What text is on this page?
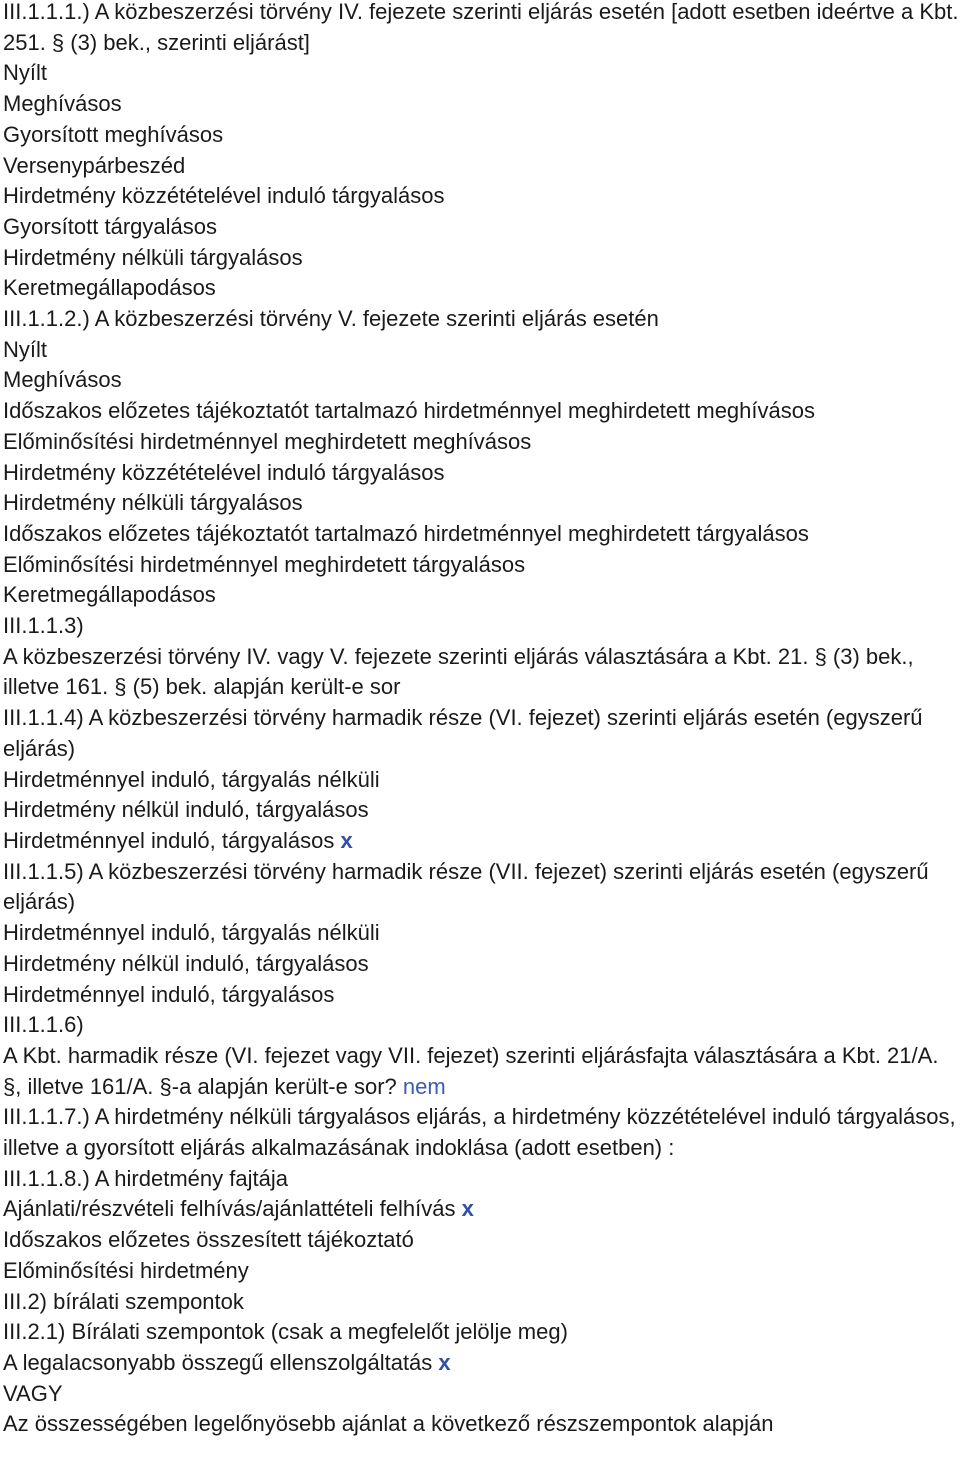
III.1.1.1.) A közbeszerzési törvény IV. fejezete szerinti eljárás esetén [adott esetben ideértve a Kbt. 251. § (3) bek., szerinti eljárást]
Nyílt
Meghívásos
Gyorsított meghívásos
Versenypárbeszéd
Hirdetmény közzétételével induló tárgyalásos
Gyorsított tárgyalásos
Hirdetmény nélküli tárgyalásos
Keretmegállapodásos
III.1.1.2.) A közbeszerzési törvény V. fejezete szerinti eljárás esetén
Nyílt
Meghívásos
Időszakos előzetes tájékoztatót tartalmazó hirdetménnyel meghirdetett meghívásos
Előminősítési hirdetménnyel meghirdetett meghívásos
Hirdetmény közzétételével induló tárgyalásos
Hirdetmény nélküli tárgyalásos
Időszakos előzetes tájékoztatót tartalmazó hirdetménnyel meghirdetett tárgyalásos
Előminősítési hirdetménnyel meghirdetett tárgyalásos
Keretmegállapodásos
III.1.1.3)
A közbeszerzési törvény IV. vagy V. fejezete szerinti eljárás választására a Kbt. 21. § (3) bek., illetve 161. § (5) bek. alapján került-e sor
III.1.1.4) A közbeszerzési törvény harmadik része (VI. fejezet) szerinti eljárás esetén (egyszerű eljárás)
Hirdetménnyel induló, tárgyalás nélküli
Hirdetmény nélkül induló, tárgyalásos
Hirdetménnyel induló, tárgyalásos x
III.1.1.5) A közbeszerzési törvény harmadik része (VII. fejezet) szerinti eljárás esetén (egyszerű eljárás)
Hirdetménnyel induló, tárgyalás nélküli
Hirdetmény nélkül induló, tárgyalásos
Hirdetménnyel induló, tárgyalásos
III.1.1.6)
A Kbt. harmadik része (VI. fejezet vagy VII. fejezet) szerinti eljárásfajta választására a Kbt. 21/A. §, illetve 161/A. §-a alapján került-e sor? nem
III.1.1.7.) A hirdetmény nélküli tárgyalásos eljárás, a hirdetmény közzétételével induló tárgyalásos, illetve a gyorsított eljárás alkalmazásának indoklása (adott esetben) :
III.1.1.8.) A hirdetmény fajtája
Ajánlati/részvételi felhívás/ajánlattételi felhívás x
Időszakos előzetes összesített tájékoztató
Előminősítési hirdetmény
III.2) bírálati szempontok
III.2.1) Bírálati szempontok (csak a megfelelőt jelölje meg)
A legalacsonyabb összegű ellenszolgáltatás x
VAGY
Az összességében legelőnyösebb ajánlat a következő részszempontok alapján
